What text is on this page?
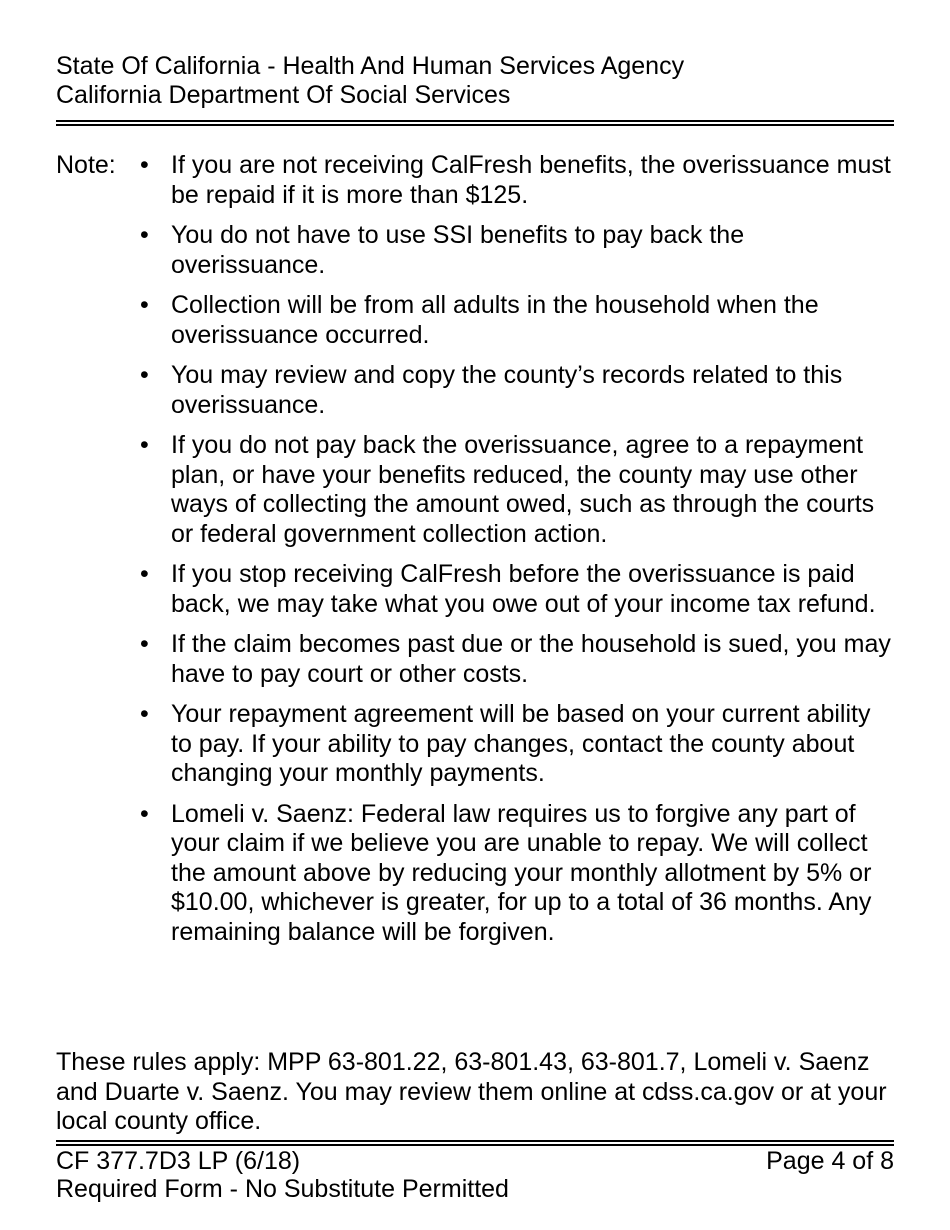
State Of California - Health And Human Services Agency
California Department Of Social Services
Note: • If you are not receiving CalFresh benefits, the overissuance must be repaid if it is more than $125.
• You do not have to use SSI benefits to pay back the overissuance.
• Collection will be from all adults in the household when the overissuance occurred.
• You may review and copy the county’s records related to this overissuance.
• If you do not pay back the overissuance, agree to a repayment plan, or have your benefits reduced, the county may use other ways of collecting the amount owed, such as through the courts or federal government collection action.
• If you stop receiving CalFresh before the overissuance is paid back, we may take what you owe out of your income tax refund.
• If the claim becomes past due or the household is sued, you may have to pay court or other costs.
• Your repayment agreement will be based on your current ability to pay. If your ability to pay changes, contact the county about changing your monthly payments.
• Lomeli v. Saenz: Federal law requires us to forgive any part of your claim if we believe you are unable to repay. We will collect the amount above by reducing your monthly allotment by 5% or $10.00, whichever is greater, for up to a total of 36 months. Any remaining balance will be forgiven.
These rules apply: MPP 63-801.22, 63-801.43, 63-801.7, Lomeli v. Saenz and Duarte v. Saenz. You may review them online at cdss.ca.gov or at your local county office.
CF 377.7D3 LP (6/18)
Required Form - No Substitute Permitted
Page 4 of 8
